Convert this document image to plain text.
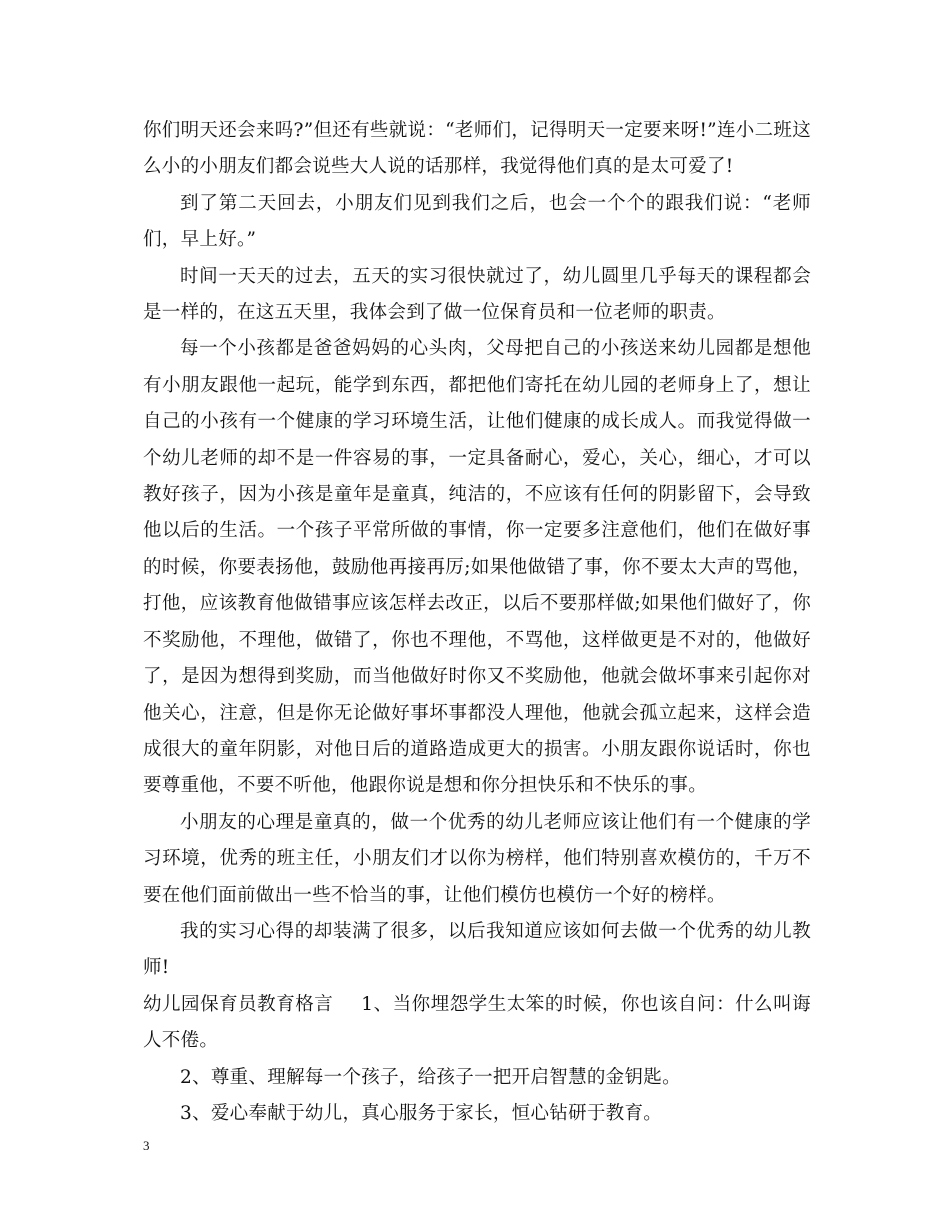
你们明天还会来吗?”但还有些就说：“老师们，记得明天一定要来呀!”连小二班这么小的小朋友们都会说些大人说的话那样，我觉得他们真的是太可爱了!

到了第二天回去，小朋友们见到我们之后，也会一个个的跟我们说：“老师们，早上好。”

时间一天天的过去，五天的实习很快就过了，幼儿圆里几乎每天的课程都会是一样的，在这五天里，我体会到了做一位保育员和一位老师的职责。

每一个小孩都是爸爸妈妈的心头肉，父母把自己的小孩送来幼儿园都是想他有小朋友跟他一起玩，能学到东西，都把他们寄托在幼儿园的老师身上了，想让自己的小孩有一个健康的学习环境生活，让他们健康的成长成人。而我觉得做一个幼儿老师的却不是一件容易的事，一定具备耐心，爱心，关心，细心，才可以教好孩子，因为小孩是童年是童真，纯洁的，不应该有任何的阴影留下，会导致他以后的生活。一个孩子平常所做的事情，你一定要多注意他们，他们在做好事的时候，你要表扬他，鼓励他再接再厉;如果他做错了事，你不要太大声的骂他，打他，应该教育他做错事应该怎样去改正，以后不要那样做;如果他们做好了，你不奖励他，不理他，做错了，你也不理他，不骂他，这样做更是不对的，他做好了，是因为想得到奖励，而当他做好时你又不奖励他，他就会做坏事来引起你对他关心，注意，但是你无论做好事坏事都没人理他，他就会孤立起来，这样会造成很大的童年阴影，对他日后的道路造成更大的损害。小朋友跟你说话时，你也要尊重他，不要不听他，他跟你说是想和你分担快乐和不快乐的事。

小朋友的心理是童真的，做一个优秀的幼儿老师应该让他们有一个健康的学习环境，优秀的班主任，小朋友们才以你为榜样，他们特别喜欢模仿的，千万不要在他们面前做出一些不恰当的事，让他们模仿也模仿一个好的榜样。

我的实习心得的却装满了很多，以后我知道应该如何去做一个优秀的幼儿教师!

幼儿园保育员教育格言 1、当你埋怨学生太笨的时候，你也该自问：什么叫诲人不倦。

2、尊重、理解每一个孩子，给孩子一把开启智慧的金钥匙。

3、爱心奉献于幼儿，真心服务于家长，恒心钻研于教育。

3
